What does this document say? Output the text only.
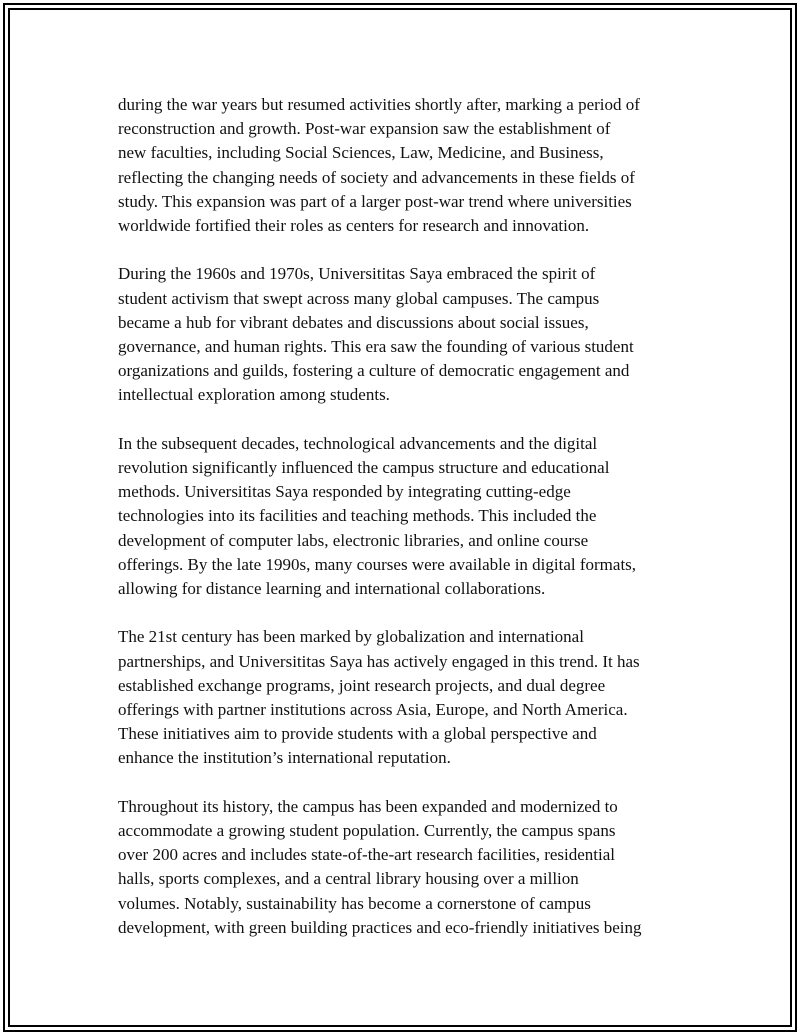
during the war years but resumed activities shortly after, marking a period of
reconstruction and growth. Post-war expansion saw the establishment of
new faculties, including Social Sciences, Law, Medicine, and Business,
reflecting the changing needs of society and advancements in these fields of
study. This expansion was part of a larger post-war trend where universities
worldwide fortified their roles as centers for research and innovation.

During the 1960s and 1970s, Universititas Saya embraced the spirit of
student activism that swept across many global campuses. The campus
became a hub for vibrant debates and discussions about social issues,
governance, and human rights. This era saw the founding of various student
organizations and guilds, fostering a culture of democratic engagement and
intellectual exploration among students.

In the subsequent decades, technological advancements and the digital
revolution significantly influenced the campus structure and educational
methods. Universititas Saya responded by integrating cutting-edge
technologies into its facilities and teaching methods. This included the
development of computer labs, electronic libraries, and online course
offerings. By the late 1990s, many courses were available in digital formats,
allowing for distance learning and international collaborations.

The 21st century has been marked by globalization and international
partnerships, and Universititas Saya has actively engaged in this trend. It has
established exchange programs, joint research projects, and dual degree
offerings with partner institutions across Asia, Europe, and North America.
These initiatives aim to provide students with a global perspective and
enhance the institution’s international reputation.

Throughout its history, the campus has been expanded and modernized to
accommodate a growing student population. Currently, the campus spans
over 200 acres and includes state-of-the-art research facilities, residential
halls, sports complexes, and a central library housing over a million
volumes. Notably, sustainability has become a cornerstone of campus
development, with green building practices and eco-friendly initiatives being
